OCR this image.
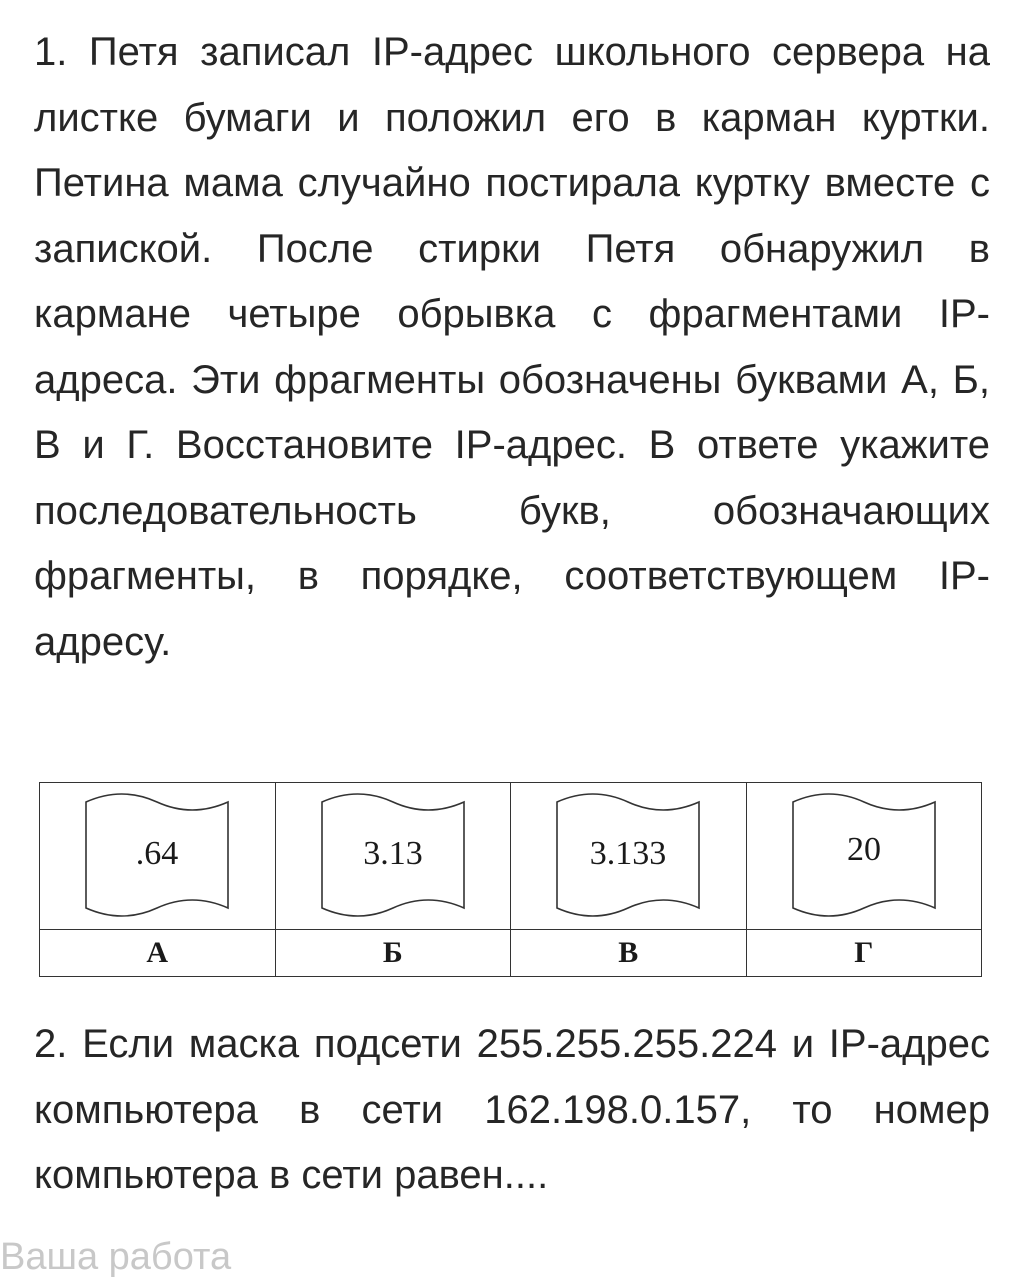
1. Петя записал IP-адрес школьного сервера на листке бумаги и положил его в карман куртки. Петина мама случайно постирала куртку вместе с запиской. После стирки Петя обнаружил в кармане четыре обрывка с фрагментами IP-адреса. Эти фрагменты обозначены буквами А, Б, В и Г. Восстановите IP-адрес. В ответе укажите последовательность букв, обозначающих фрагменты, в порядке, соответствующем IP-адресу.

.64	3.13	3.133	20

А	Б	В	Г

2. Если маска подсети 255.255.255.224 и IP-адрес компьютера в сети 162.198.0.157, то номер компьютера в сети равен....

Ваша работа
